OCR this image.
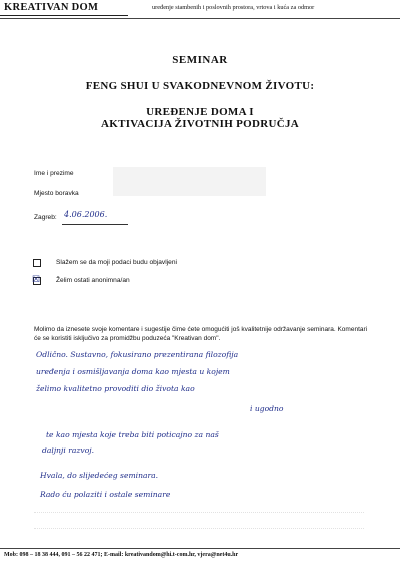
KREATIVAN DOM	uređenje stambenih i poslovnih prostora, vrtova i kuća za odmor
SEMINAR
FENG SHUI U SVAKODNEVNOM ŽIVOTU:
UREĐENJE DOMA I
AKTIVACIJA ŽIVOTNIH PODRUČJA
Ime i prezime
Mjesto boravka
Zagreb: 4.06.2006.
Slažem se da moji podaci budu objavljeni
☒ Želim ostati anonimna/an
Molimo da iznesete svoje komentare i sugestije čime ćete omogućiti još kvalitetnije održavanje seminara. Komentari će se koristiti isključivo za promidžbu poduzeća "Kreativan dom".
Odlično. Sustavno, fokusirano prezentirana filozofija
uređenja i osmišljavanja doma kao mjesta u kojem
želimo kvalitetno provoditi dio života kao
i ugodno
te kao mjesta koje treba biti poticajno za naš
daljnji razvoj.
Hvala, do slijedećeg seminara.
Rado ću polaziti i ostale seminare
Mob: 098 – 18 38 444, 091 – 56 22 471; E-mail: kreativandom@hi.t-com.hr, vjera@net4u.hr
